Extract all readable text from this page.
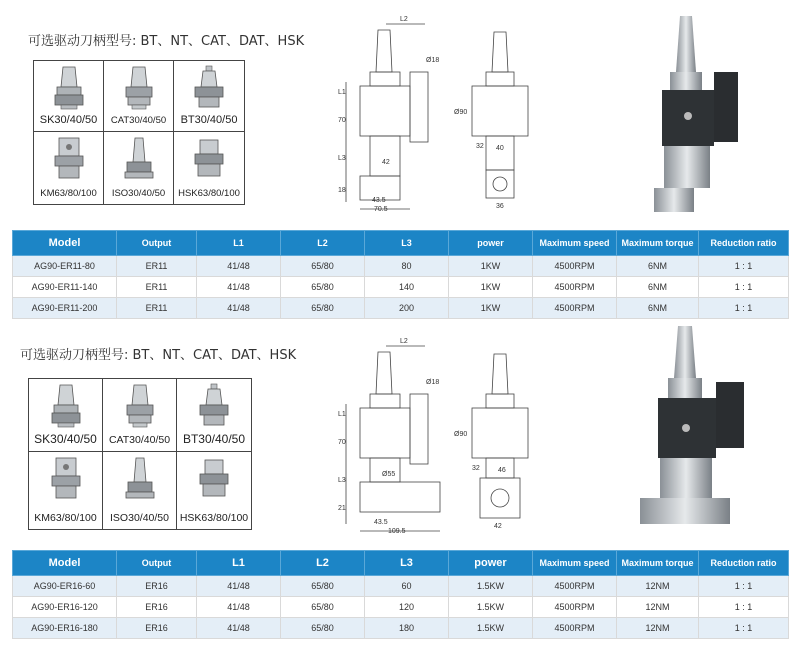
可选驱动刀柄型号: BT、NT、CAT、DAT、HSK
SK30/40/50	CAT30/40/50	BT30/40/50
KM63/80/100	ISO30/40/50	HSK63/80/100
L2
Ø18
L1
70
L3
42
18
43.5
70.5
Ø90
32 40
36
Model	Output	L1	L2	L3	power	Maximum speed	Maximum torque	Reduction ratio
AG90-ER11-80	ER11	41/48	65/80	80	1KW	4500RPM	6NM	1 : 1
AG90-ER11-140	ER11	41/48	65/80	140	1KW	4500RPM	6NM	1 : 1
AG90-ER11-200	ER11	41/48	65/80	200	1KW	4500RPM	6NM	1 : 1
可选驱动刀柄型号: BT、NT、CAT、DAT、HSK
SK30/40/50	CAT30/40/50	BT30/40/50
KM63/80/100	ISO30/40/50	HSK63/80/100
L2
Ø18
L1
70
Ø55
L3
21
43.5
109.5
Ø90
32	46
42
Model	Output	L1	L2	L3	power	Maximum speed	Maximum torque	Reduction ratio
AG90-ER16-60	ER16	41/48	65/80	60	1.5KW	4500RPM	12NM	1 : 1
AG90-ER16-120	ER16	41/48	65/80	120	1.5KW	4500RPM	12NM	1 : 1
AG90-ER16-180	ER16	41/48	65/80	180	1.5KW	4500RPM	12NM	1 : 1
